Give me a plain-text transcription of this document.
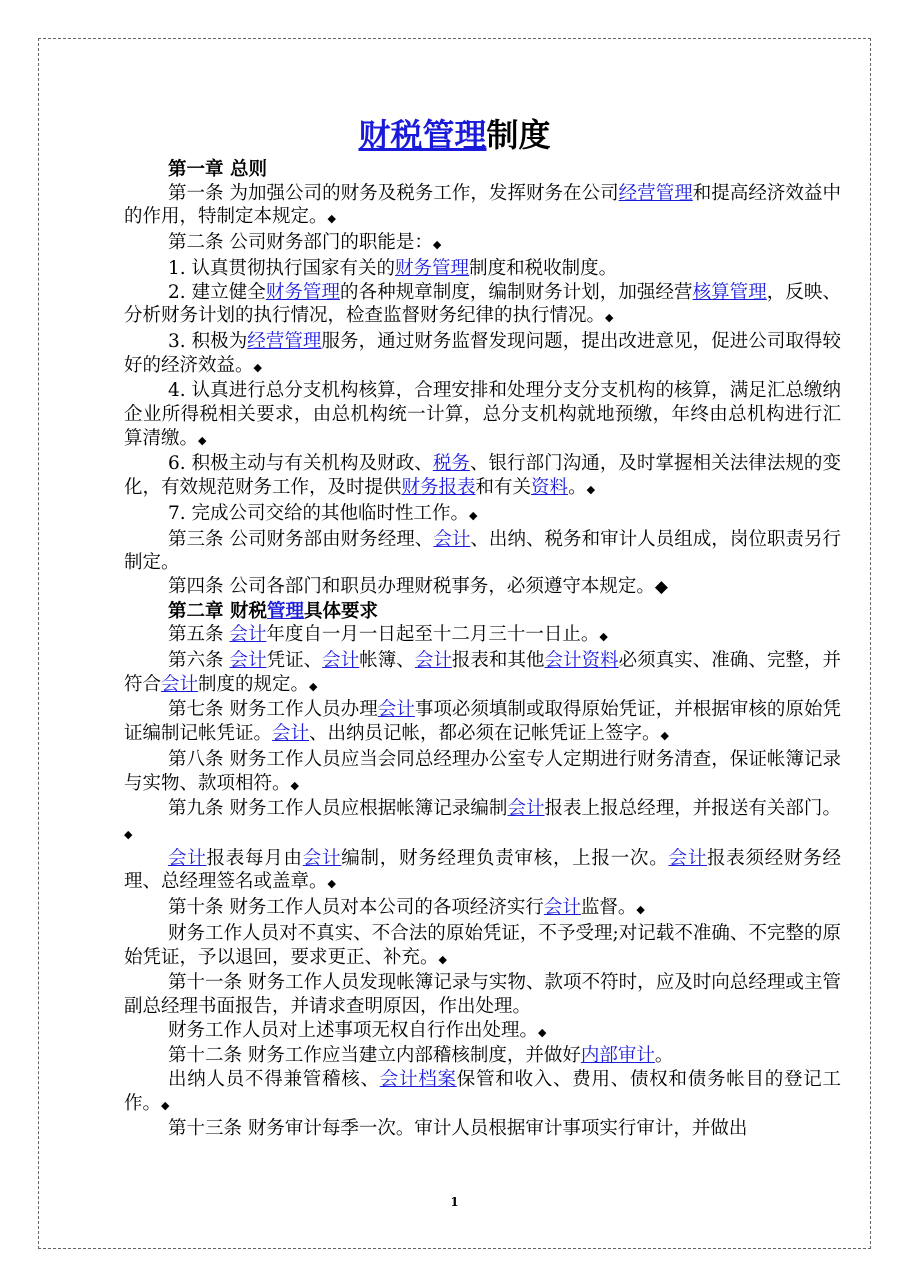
财税管理制度

第一章 总则

第一条 为加强公司的财务及税务工作，发挥财务在公司经营管理和提高经济效益中的作用，特制定本规定。◆

第二条 公司财务部门的职能是：◆

1. 认真贯彻执行国家有关的财务管理制度和税收制度。

2. 建立健全财务管理的各种规章制度，编制财务计划，加强经营核算管理，反映、分析财务计划的执行情况，检查监督财务纪律的执行情况。◆

3. 积极为经营管理服务，通过财务监督发现问题，提出改进意见，促进公司取得较好的经济效益。◆

4. 认真进行总分支机构核算，合理安排和处理分支分支机构的核算，满足汇总缴纳企业所得税相关要求，由总机构统一计算，总分支机构就地预缴，年终由总机构进行汇算清缴。◆

6. 积极主动与有关机构及财政、税务、银行部门沟通，及时掌握相关法律法规的变化，有效规范财务工作，及时提供财务报表和有关资料。◆

7. 完成公司交给的其他临时性工作。◆

第三条 公司财务部由财务经理、会计、出纳、税务和审计人员组成，岗位职责另行制定。

第四条 公司各部门和职员办理财税事务，必须遵守本规定。◆

第二章 财税管理具体要求

第五条 会计年度自一月一日起至十二月三十一日止。◆

第六条 会计凭证、会计帐簿、会计报表和其他会计资料必须真实、准确、完整，并符合会计制度的规定。◆

第七条 财务工作人员办理会计事项必须填制或取得原始凭证，并根据审核的原始凭证编制记帐凭证。会计、出纳员记帐，都必须在记帐凭证上签字。◆

第八条 财务工作人员应当会同总经理办公室专人定期进行财务清查，保证帐簿记录与实物、款项相符。◆

第九条 财务工作人员应根据帐簿记录编制会计报表上报总经理，并报送有关部门。◆

会计报表每月由会计编制，财务经理负责审核，上报一次。会计报表须经财务经理、总经理签名或盖章。◆

第十条 财务工作人员对本公司的各项经济实行会计监督。◆

财务工作人员对不真实、不合法的原始凭证，不予受理;对记载不准确、不完整的原始凭证，予以退回，要求更正、补充。◆

第十一条 财务工作人员发现帐簿记录与实物、款项不符时，应及时向总经理或主管副总经理书面报告，并请求查明原因，作出处理。

财务工作人员对上述事项无权自行作出处理。◆

第十二条 财务工作应当建立内部稽核制度，并做好内部审计。

出纳人员不得兼管稽核、会计档案保管和收入、费用、债权和债务帐目的登记工作。◆

第十三条 财务审计每季一次。审计人员根据审计事项实行审计，并做出

1
